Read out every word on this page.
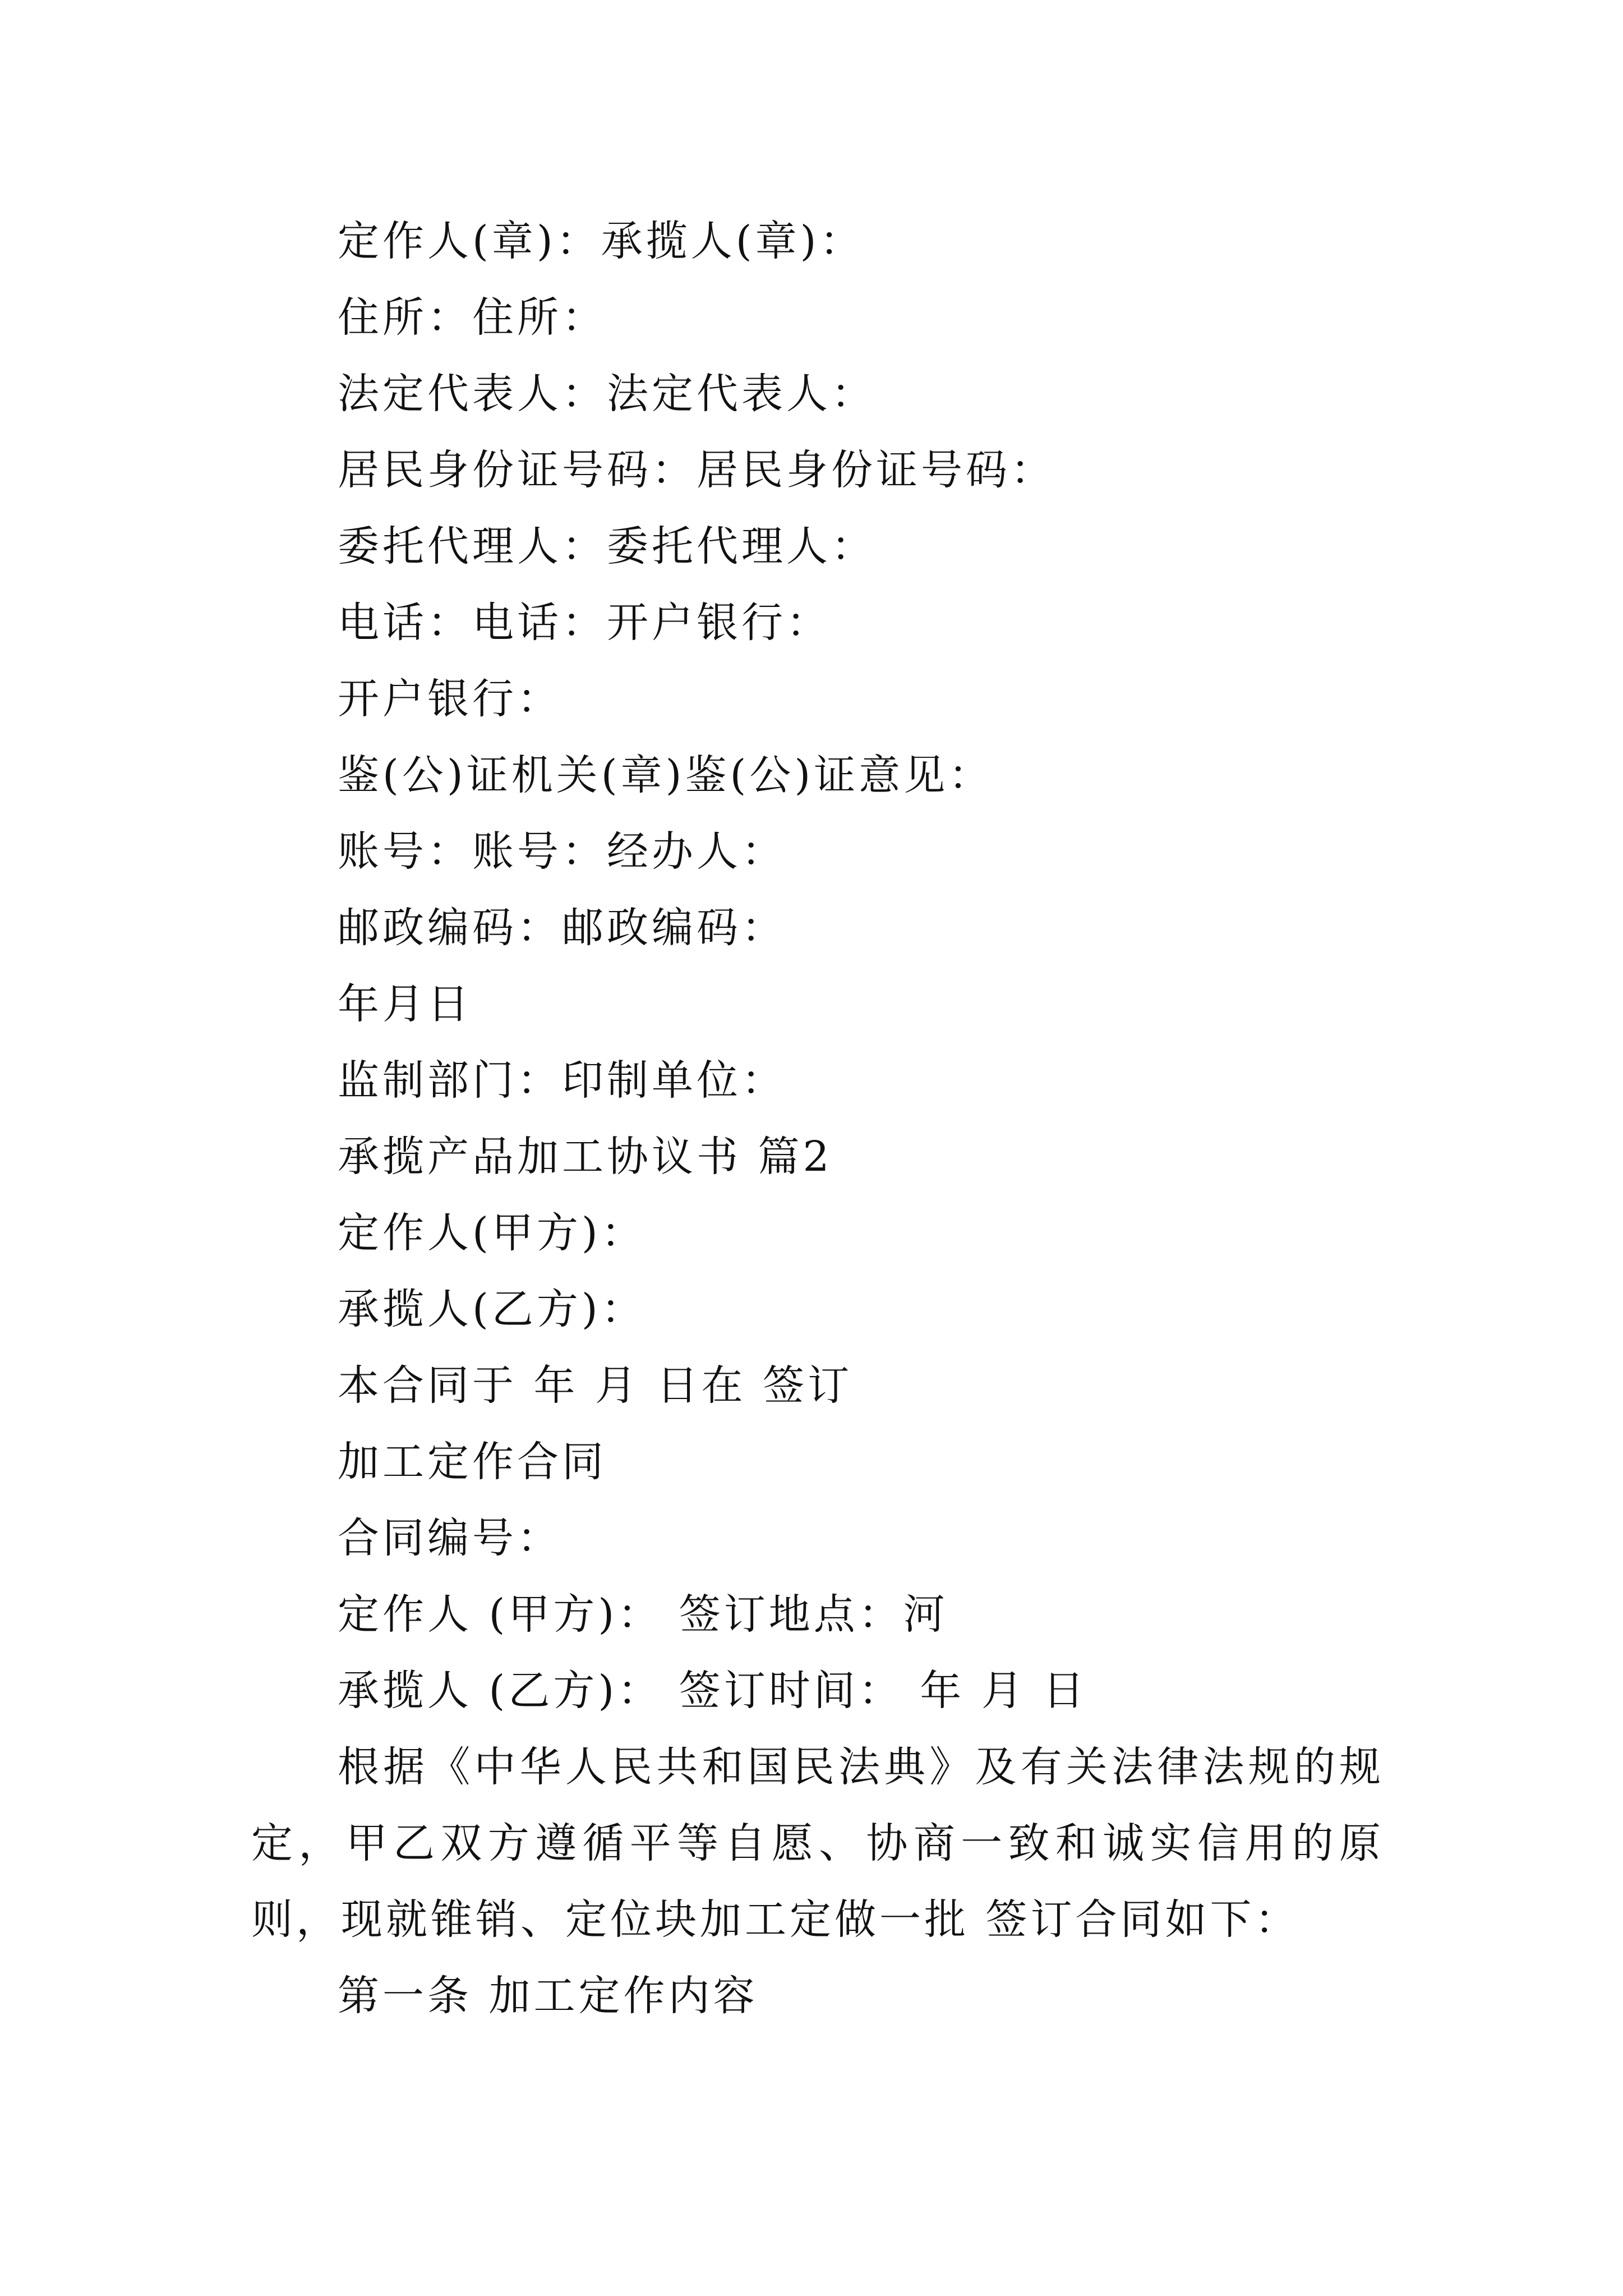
定作人(章)：承揽人(章)：
住所：住所：
法定代表人：法定代表人：
居民身份证号码：居民身份证号码：
委托代理人：委托代理人：
电话：电话：开户银行：
开户银行：
鉴(公)证机关(章)鉴(公)证意见：
账号：账号：经办人：
邮政编码：邮政编码：
年月日
监制部门：印制单位：
承揽产品加工协议书 篇2
定作人(甲方)：
承揽人(乙方)：
本合同于 年 月 日在 签订
加工定作合同
合同编号：
定作人 (甲方)： 签订地点：河
承揽人 (乙方)： 签订时间： 年 月 日
根据《中华人民共和国民法典》及有关法律法规的规定，甲乙双方遵循平等自愿、协商一致和诚实信用的原则，现就锥销、定位块加工定做一批 签订合同如下：
第一条 加工定作内容
